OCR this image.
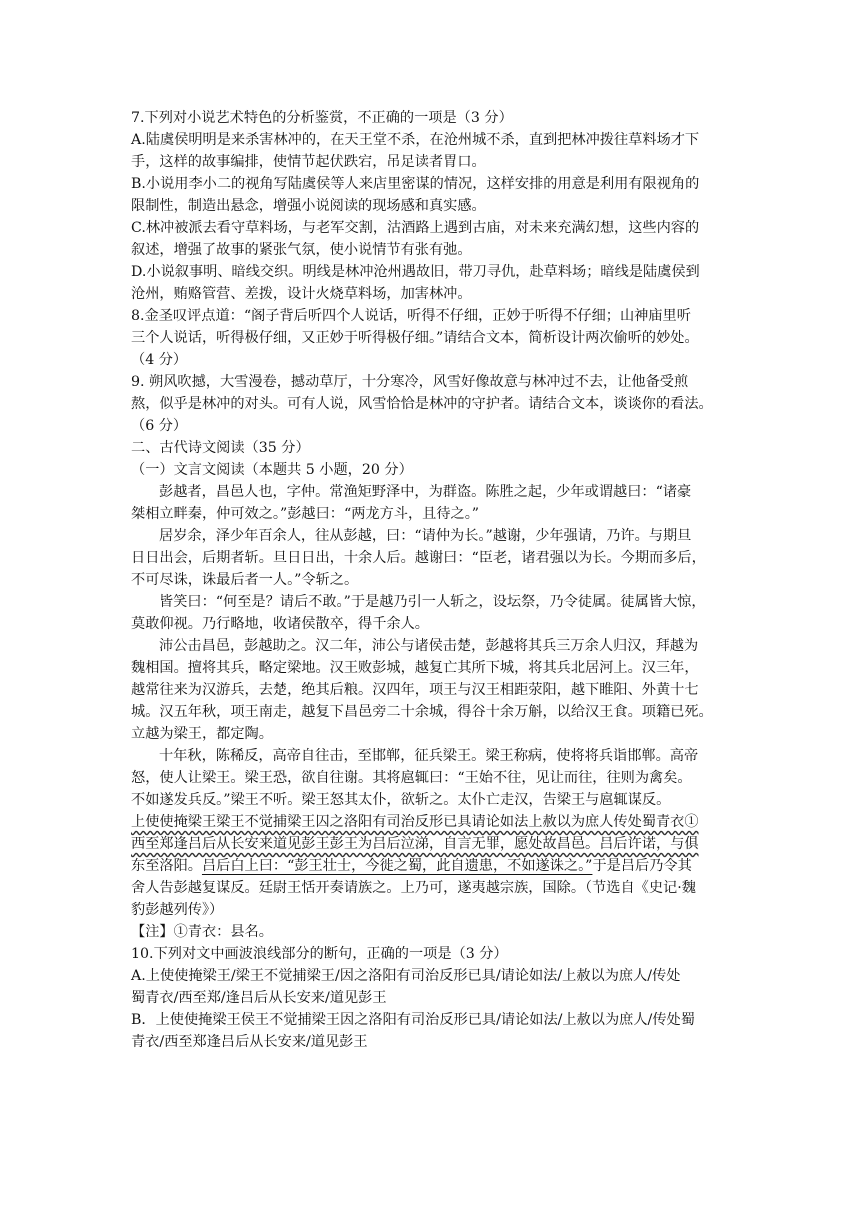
7.下列对小说艺术特色的分析鉴赏，不正确的一项是（3 分）
A.陆虞侯明明是来杀害林冲的，在天王堂不杀，在沧州城不杀，直到把林冲拨往草料场才下
手，这样的故事编排，使情节起伏跌宕，吊足读者胃口。
B.小说用李小二的视角写陆虞侯等人来店里密谋的情况，这样安排的用意是利用有限视角的
限制性，制造出悬念，增强小说阅读的现场感和真实感。
C.林冲被派去看守草料场，与老军交割，沽酒路上遇到古庙，对未来充满幻想，这些内容的
叙述，增强了故事的紧张气氛，使小说情节有张有弛。
D.小说叙事明、暗线交织。明线是林冲沧州遇故旧，带刀寻仇，赴草料场；暗线是陆虞侯到
沧州，贿赂管营、差拨，设计火烧草料场，加害林冲。
8.金圣叹评点道：“阁子背后听四个人说话，听得不仔细，正妙于听得不仔细；山神庙里听
三个人说话，听得极仔细，又正妙于听得极仔细。”请结合文本，简析设计两次偷听的妙处。
（4 分）
9. 朔风吹撼，大雪漫卷，撼动草厅，十分寒冷，风雪好像故意与林冲过不去，让他备受煎
熬，似乎是林冲的对头。可有人说，风雪恰恰是林冲的守护者。请结合文本，谈谈你的看法。
（6 分）
二、古代诗文阅读（35 分）
（一）文言文阅读（本题共 5 小题，20 分）
彭越者，昌邑人也，字仲。常渔矩野泽中，为群盗。陈胜之起，少年或谓越曰：“诸豪
桀相立畔秦，仲可效之。”彭越曰：“两龙方斗，且待之。”
居岁余，泽少年百余人，往从彭越，曰：“请仲为长。”越谢，少年强请，乃许。与期旦
日日出会，后期者斩。旦日日出，十余人后。越谢曰：“臣老，诸君强以为长。今期而多后，
不可尽诛，诛最后者一人。”令斩之。
皆笑曰：“何至是？请后不敢。”于是越乃引一人斩之，设坛祭，乃令徒属。徒属皆大惊，
莫敢仰视。乃行略地，收诸侯散卒，得千余人。
沛公击昌邑，彭越助之。汉二年，沛公与诸侯击楚，彭越将其兵三万余人归汉，拜越为
魏相国。擅将其兵，略定梁地。汉王败彭城，越复亡其所下城，将其兵北居河上。汉三年，
越常往来为汉游兵，去楚，绝其后粮。汉四年，项王与汉王相距荥阳，越下睢阳、外黄十七
城。汉五年秋，项王南走，越复下昌邑旁二十余城，得谷十余万斛，以给汉王食。项籍已死。
立越为梁王，都定陶。
十年秋，陈稀反，高帝自往击，至邯郸，征兵梁王。梁王称病，使将将兵诣邯郸。高帝
怒，使人让梁王。梁王恐，欲自往谢。其将扈辄曰：“王始不往，见让而往，往则为禽矣。
不如遂发兵反。”梁王不听。梁王怒其太仆，欲斩之。太仆亡走汉，告梁王与扈辄谋反。
上使使掩梁王梁王不觉捕梁王囚之洛阳有司治反形已具请论如法上赦以为庶人传处蜀青衣①
西至郑逢吕后从长安来道见彭王彭王为吕后泣涕，自言无罪，愿处故昌邑。吕后许诺，与俱
东至洛阳。吕后白上曰：“彭王壮士，今徙之蜀，此自遗患，不如遂诛之。”于是吕后乃令其
舍人告彭越复谋反。廷尉王恬开奏请族之。上乃可，遂夷越宗族，国除。（节选自《史记·魏
豹彭越列传》）
【注】①青衣：县名。
10.下列对文中画波浪线部分的断句，正确的一项是（3 分）
A.上使使掩梁王/梁王不觉捕梁王/因之洛阳有司治反形已具/请论如法/上赦以为庶人/传处
蜀青衣/西至郑/逢吕后从长安来/道见彭王
B．上使使掩梁王侯王不觉捕梁王因之洛阳有司治反形已具/请论如法/上赦以为庶人/传处蜀
青衣/西至郑逢吕后从长安来/道见彭王
